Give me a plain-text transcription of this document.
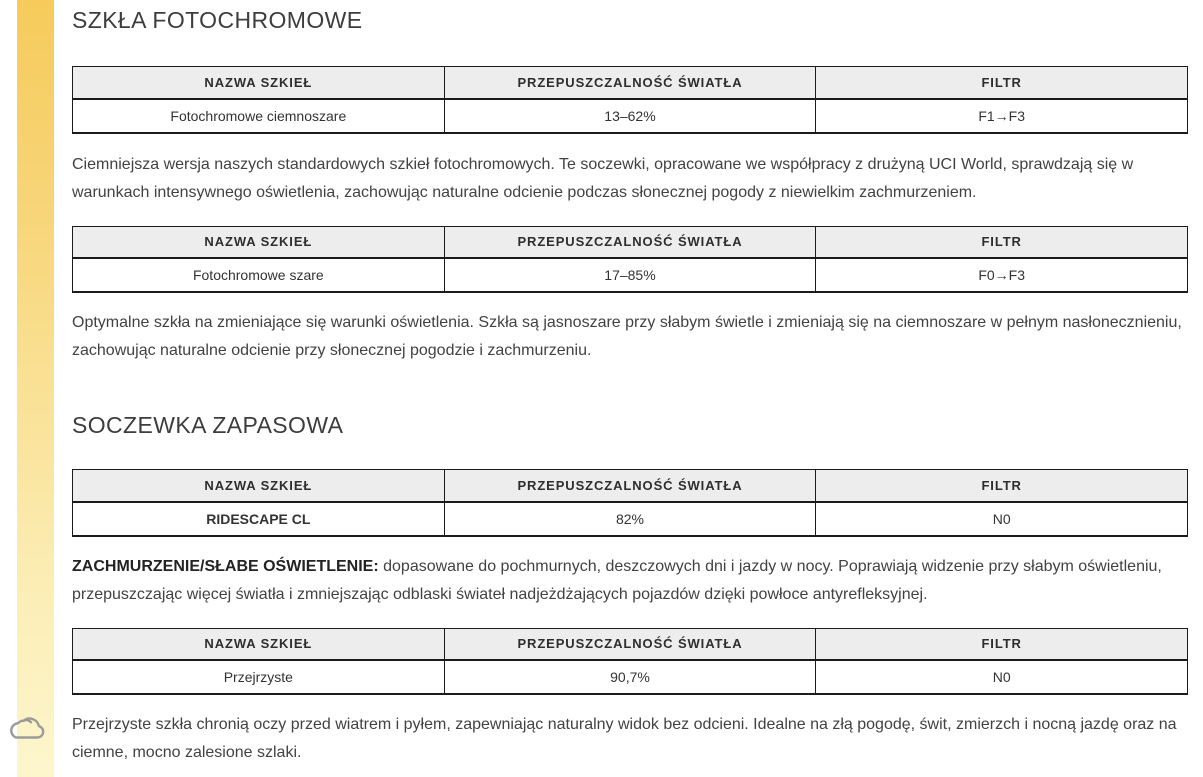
SZKŁA FOTOCHROMOWE
NAZWA SZKIEŁ	PRZEPUSZCZALNOŚĆ ŚWIATŁA	FILTR
Fotochromowe ciemnoszare	13–62%	F1→F3

Ciemniejsza wersja naszych standardowych szkieł fotochromowych. Te soczewki, opracowane we współpracy z drużyną UCI World, sprawdzają się w warunkach intensywnego oświetlenia, zachowując naturalne odcienie podczas słonecznej pogody z niewielkim zachmurzeniem.

NAZWA SZKIEŁ	PRZEPUSZCZALNOŚĆ ŚWIATŁA	FILTR
Fotochromowe szare	17–85%	F0→F3

Optymalne szkła na zmieniające się warunki oświetlenia. Szkła są jasnoszare przy słabym świetle i zmieniają się na ciemnoszare w pełnym nasłonecznieniu, zachowując naturalne odcienie przy słonecznej pogodzie i zachmurzeniu.

SOCZEWKA ZAPASOWA
NAZWA SZKIEŁ	PRZEPUSZCZALNOŚĆ ŚWIATŁA	FILTR
RIDESCAPE CL	82%	N0

ZACHMURZENIE/SŁABE OŚWIETLENIE: dopasowane do pochmurnych, deszczowych dni i jazdy w nocy. Poprawiają widzenie przy słabym oświetleniu, przepuszczając więcej światła i zmniejszając odblaski świateł nadjeżdżających pojazdów dzięki powłoce antyrefleksyjnej.

NAZWA SZKIEŁ	PRZEPUSZCZALNOŚĆ ŚWIATŁA	FILTR
Przejrzyste	90,7%	N0

Przejrzyste szkła chronią oczy przed wiatrem i pyłem, zapewniając naturalny widok bez odcieni. Idealne na złą pogodę, świt, zmierzch i nocną jazdę oraz na ciemne, mocno zalesione szlaki.
